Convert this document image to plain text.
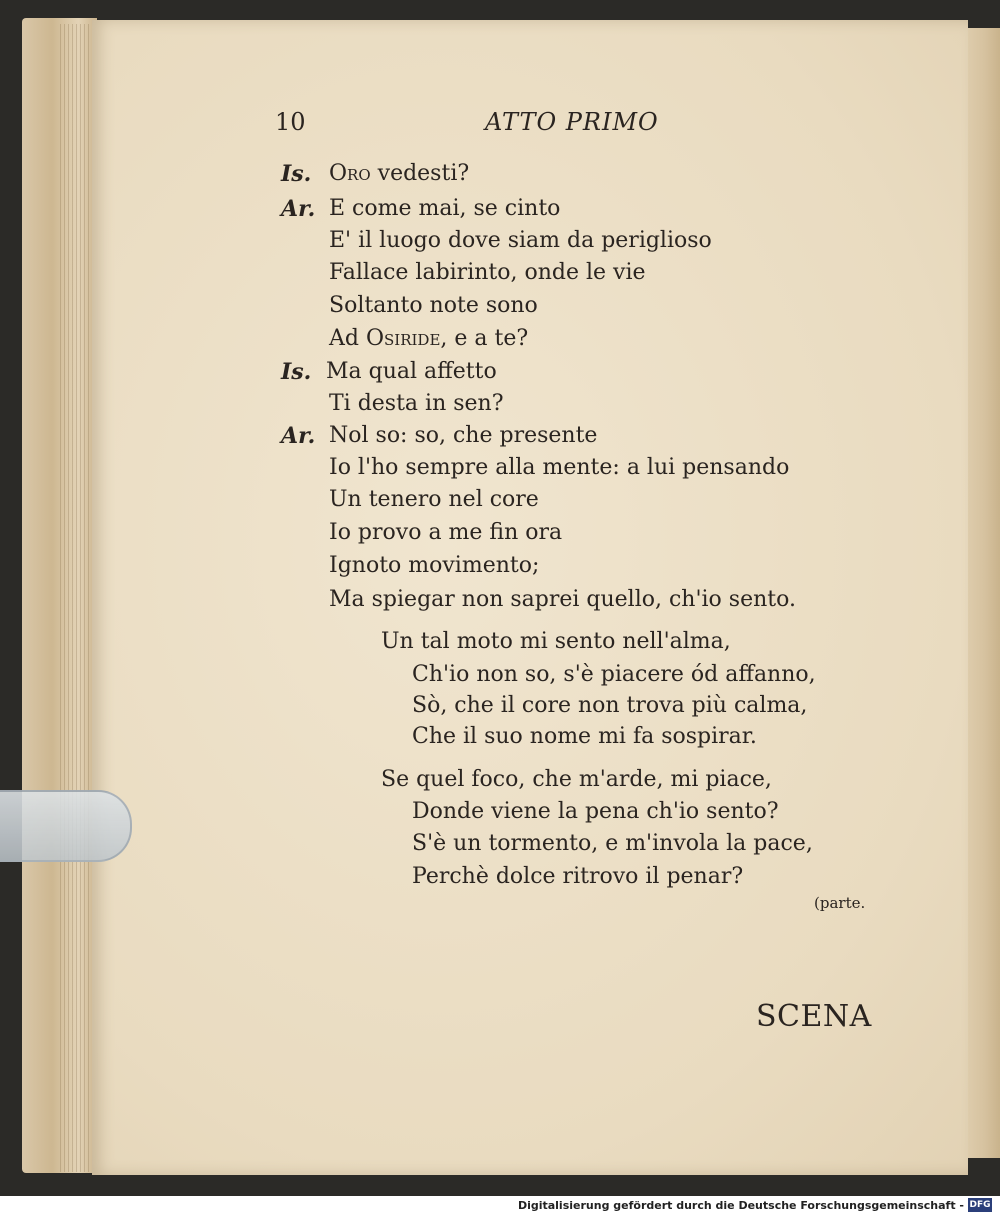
10	ATTO PRIMO
Is. Oro vedesti?
Ar. E come mai, se cinto
E' il luogo dove siam da periglioso
Fallace labirinto, onde le vie
Soltanto note sono
Ad Osiride, e a te?
Is. Ma qual affetto
Ti desta in sen?
Ar. Nol so: so, che presente
Io l'ho sempre alla mente: a lui pensando
Un tenero nel core
Io provo a me fin ora
Ignoto movimento;
Ma spiegar non saprei quello, ch'io sento.
Un tal moto mi sento nell'alma,
Ch'io non so, s'è piacere ód affanno,
Sò, che il core non trova più calma,
Che il suo nome mi fa sospirar.
Se quel foco, che m'arde, mi piace,
Donde viene la pena ch'io sento?
S'è un tormento, e m'invola la pace,
Perchè dolce ritrovo il penar?
(parte.
SCENA
Digitalisierung gefördert durch die Deutsche Forschungsgemeinschaft - DFG
